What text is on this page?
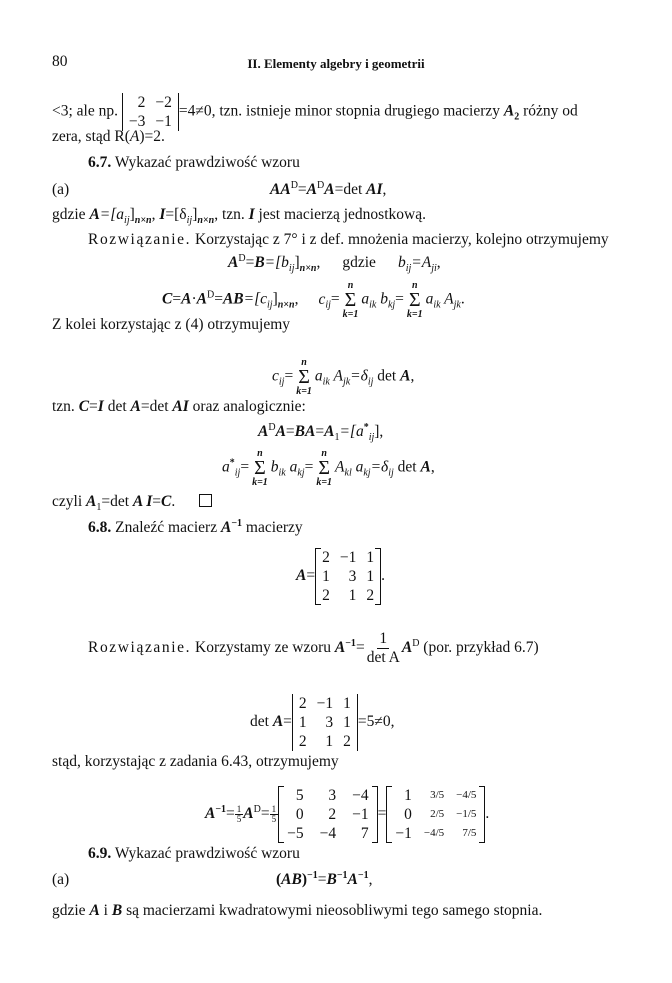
80	II. Elementy algebry i geometrii
<3; ale np.
2 −2
−3 −1
=4≠0, tzn. istnieje minor stopnia drugiego macierzy $A_2$ różny od
zera, stąd R(A)=2.
6.7. Wykazać prawdziwość wzoru
(a)	$AA^D=A^DA=\det$ AI,
gdzie $A=[a_{ij}]_{n\times n}$, $I=[\delta_{ij}]_{n\times n}$, tzn. I jest macierzą jednostkową.
Rozwiązanie. Korzystając z 7° i z def. mnożenia macierzy, kolejno otrzymujemy
$A^D=B=[b_{ij}]_{n\times n}$, gdzie $b_{ij}=A_{ji}$,
$C=A\cdot A^D=AB=[c_{ij}]_{n\times n}$, $c_{ij}=$
n
Σ
k=1
$a_{ik}$ $b_{kj}=$
n
Σ
k=1
$a_{ik}$ $A_{jk}$.
Z kolei korzystając z (4) otrzymujemy
$c_{ij}=$
n
Σ
k=1
$a_{ik}$ $A_{jk}=\delta_{ij}$ det A,
tzn. C=I det A=det AI oraz analogicznie:
$A^DA=BA=A_1=[a^*_{ij}]$,
$a^*_{ij}=$
n
Σ
k=1
$b_{ik}$ $a_{kj}=$
n
Σ
k=1
$A_{kl}$ $a_{kj}=\delta_{ij}$ det A,
czyli $A_1=\det$ A I=C.
6.8. Znaleźć macierz $A^{-1}$ macierzy
A=
2 −1 1
1	3 1
2	1 2
.
Rozwiązanie. Korzystamy ze wzoru $A^{-1}= \frac{1}{\text{det A}} A^D$ (por. przykład 6.7)
det A=
2 −1 1
1	3 1
2	1 2
=5≠0,
stąd, korzystając z zadania 6.43, otrzymujemy
$A^{-1}= \frac{1}{5} A^D= \frac{1}{5}$
5	3 −4
0	2 −1
−5 −4	7
=
1	3/5 −4/5
0	2/5 −1/5
−1 −4/5	7/5
.
6.9. Wykazać prawdziwość wzoru
(a)	$(AB)^{-1}=B^{-1}A^{-1}$,
gdzie A i B są macierzami kwadratowymi nieosobliwymi tego samego stopnia.
